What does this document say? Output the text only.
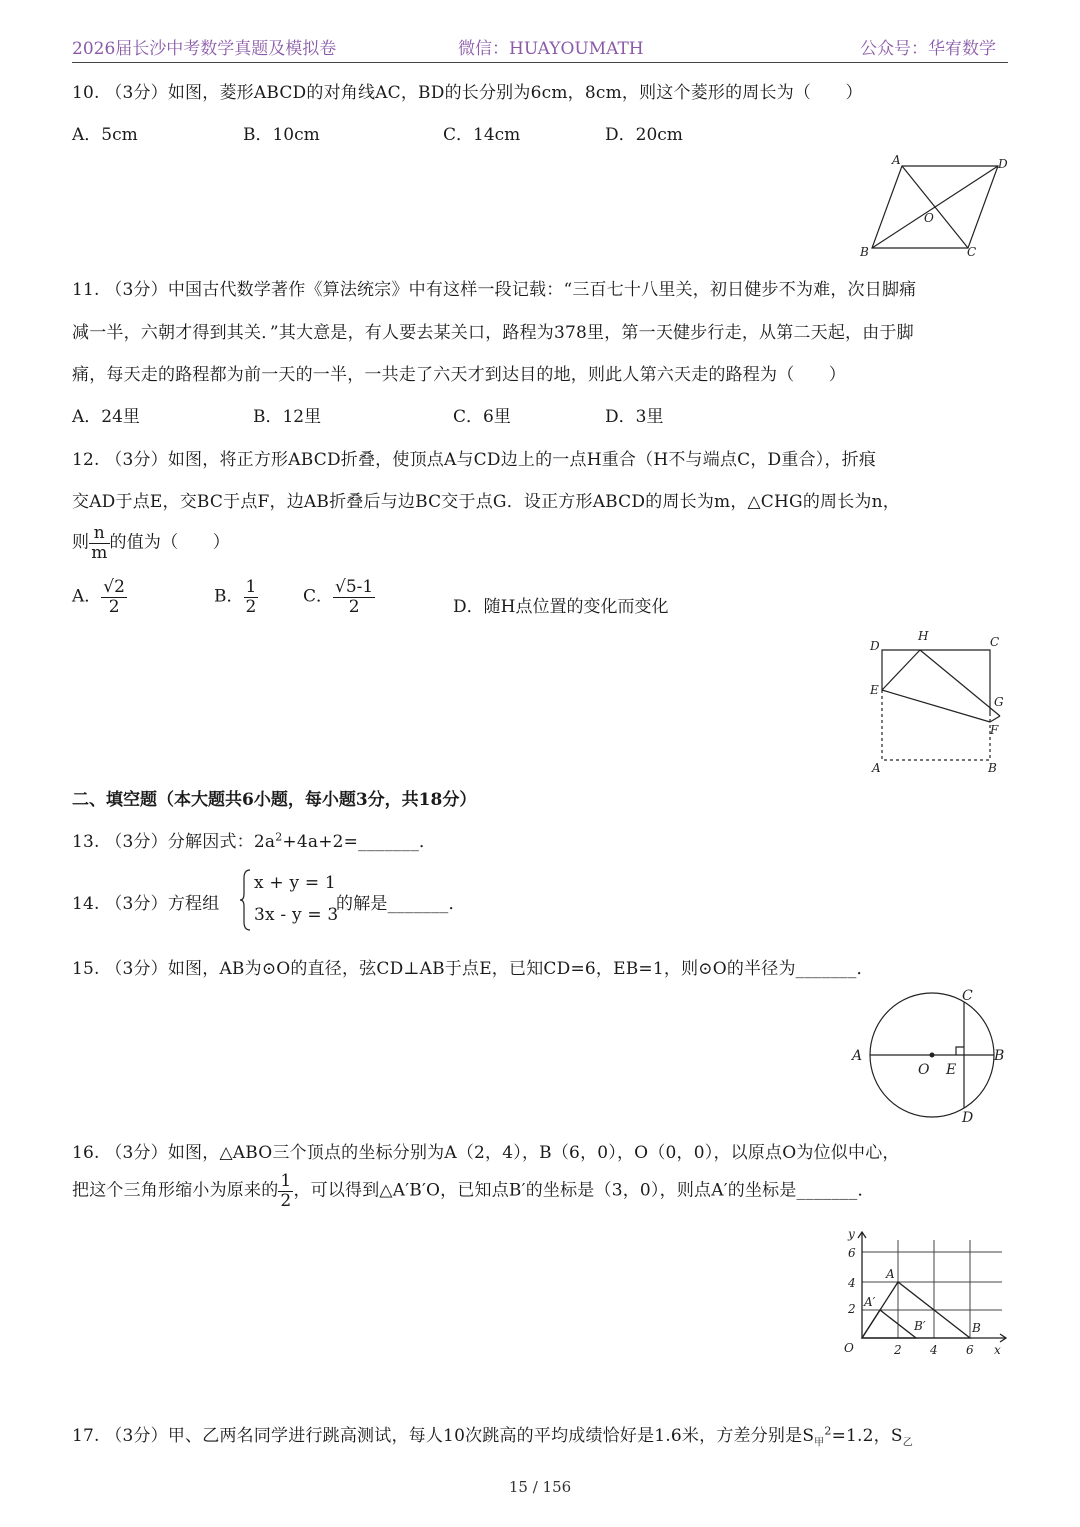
2026届长沙中考数学真题及模拟卷	微信：HUAYOUMATH	公众号：华宥数学
10. （3分）如图，菱形ABCD的对角线AC，BD的长分别为6cm，8cm，则这个菱形的周长为（　　）
A．5cm	B．10cm	C．14cm	D．20cm
A	D
O
B	C
11. （3分）中国古代数学著作《算法统宗》中有这样一段记载：“三百七十八里关，初日健步不为难，次日脚痛
减一半，六朝才得到其关．”其大意是，有人要去某关口，路程为378里，第一天健步行走，从第二天起，由于脚
痛，每天走的路程都为前一天的一半，一共走了六天才到达目的地，则此人第六天走的路程为（　　）
A．24里	B．12里	C．6里	D．3里
12. （3分）如图，将正方形ABCD折叠，使顶点A与CD边上的一点H重合（H不与端点C，D重合），折痕
交AD于点E，交BC于点F，边AB折叠后与边BC交于点G．设正方形ABCD的周长为m，△CHG的周长为n，
则 $\frac{n}{m}$ 的值为（　　）
A． $\frac{√2}{2}$	B． $\frac{1}{2}$	C． $\frac{√5-1}{2}$	D．随H点位置的变化而变化
D
H	C
E
G
F
A	B
二、填空题（本大题共6小题，每小题3分，共18分）
13. （3分）分解因式：$2a^2+4a+2=\_\_\_\_\_\_\_$．
14. （3分）方程组
x + y = 1
3x - y = 3
的解是_______．
15. （3分）如图，AB为⊙O的直径，弦CD⊥AB于点E，已知CD=6，EB=1，则⊙O的半径为_______．
C
A
O E
B
D
16. （3分）如图，△ABO三个顶点的坐标分别为A（2，4），B（6，0），O（0，0），以原点O为位似中心，
把这个三角形缩小为原来的 $\frac{1}{2}$ ，可以得到△A′B′O，已知点B′的坐标是（3，0），则点A′的坐标是_______．
y
6
4
2
A
A′
B′	B
O	2 4 6 x
17. （3分）甲、乙两名同学进行跳高测试，每人10次跳高的平均成绩恰好是1.6米，方差分别是$S_甲^2=1.2$，$S_乙$
15 / 156
